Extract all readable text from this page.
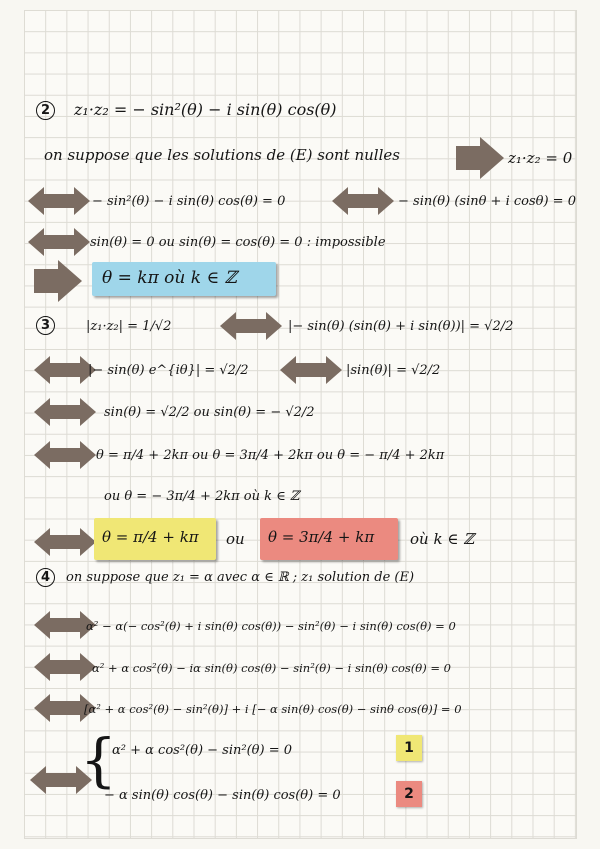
2	z₁·z₂ = − sin²(θ) − i sin(θ) cos(θ)
on suppose que les solutions de (E) sont nulles	z₁·z₂ = 0
− sin²(θ) − i sin(θ) cos(θ) = 0	− sin(θ) (sinθ + i cosθ) = 0
sin(θ) = 0 ou sin(θ) = cos(θ) = 0 : impossible
θ = kπ où k ∈ ℤ
3	|z₁·z₂| = 1/√2	|− sin(θ) (sin(θ) + i sin(θ))| = √2/2
|− sin(θ) e^{iθ}| = √2/2	|sin(θ)| = √2/2
sin(θ) = √2/2 ou sin(θ) = − √2/2
θ = π/4 + 2kπ ou θ = 3π/4 + 2kπ ou θ = − π/4 + 2kπ
ou θ = − 3π/4 + 2kπ où k ∈ ℤ
θ = π/4 + kπ ou θ = 3π/4 + kπ où k ∈ ℤ
4	on suppose que z₁ = α avec α ∈ ℝ ; z₁ solution de (E)
α² − α(− cos²(θ) + i sin(θ) cos(θ)) − sin²(θ) − i sin(θ) cos(θ) = 0
α² + α cos²(θ) − iα sin(θ) cos(θ) − sin²(θ) − i sin(θ) cos(θ) = 0
[α² + α cos²(θ) − sin²(θ)] + i [− α sin(θ) cos(θ) − sinθ cos(θ)] = 0
{
α² + α cos²(θ) − sin²(θ) = 0	1
− α sin(θ) cos(θ) − sin(θ) cos(θ) = 0	2
